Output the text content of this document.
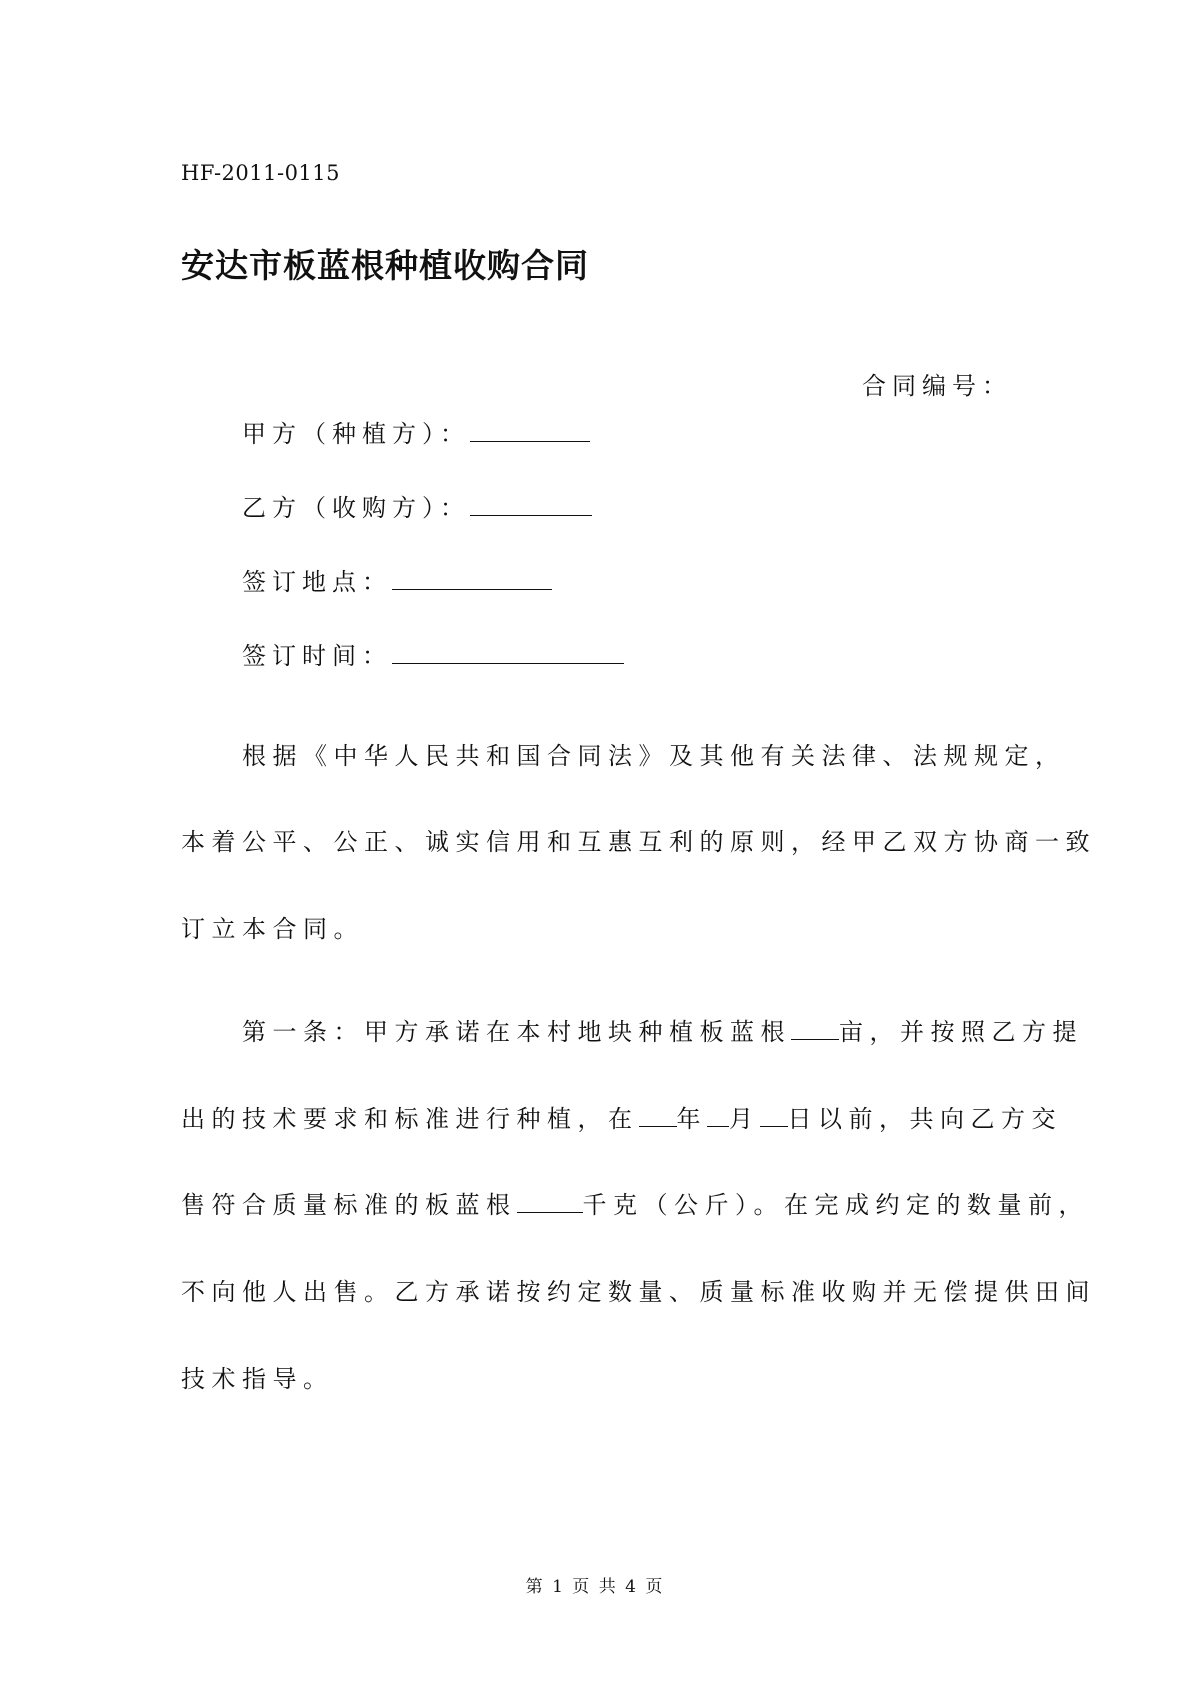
HF-2011-0115
安达市板蓝根种植收购合同
合同编号：
甲方（种植方）：
乙方（收购方）：
签订地点：
签订时间：
根据《中华人民共和国合同法》及其他有关法律、法规规定，
本着公平、公正、诚实信用和互惠互利的原则，经甲乙双方协商一致
订立本合同。
第一条：甲方承诺在本村地块种植板蓝根 亩，并按照乙方提
出的技术要求和标准进行种植，在 年 月 日以前，共向乙方交
售符合质量标准的板蓝根	千克（公斤）。在完成约定的数量前，
不向他人出售。乙方承诺按约定数量、质量标准收购并无偿提供田间
技术指导。
第 1 页 共 4 页
